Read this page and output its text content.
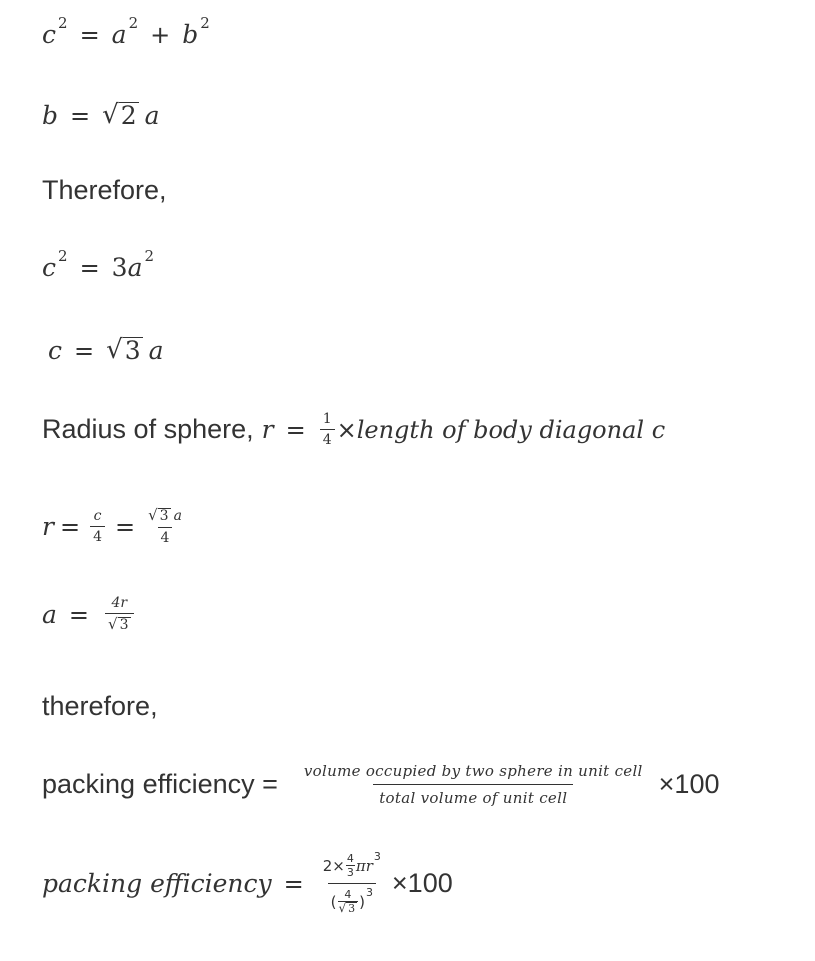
c 2 = a 2 + b 2
b = √ 2 a
Therefore,
c 2 = 3 a 2
c = √ 3 a
Radius of sphere, $r = \frac{1}{4}$ × length of body diagonal c
$r = \frac{c}{4} = \frac{√ 3 a}{4}$
$a = \frac{4r}{√ 3}$
therefore,
packing efficiency = $\frac{\text{volume occupied by two sphere in unit cell}}{\text{total volume of unit cell}} \times 100$
packing efficiency =
$2\times \frac{4}{3}$ πr 3
( $\frac{4}{√ 3}$ ) 3 ×100
